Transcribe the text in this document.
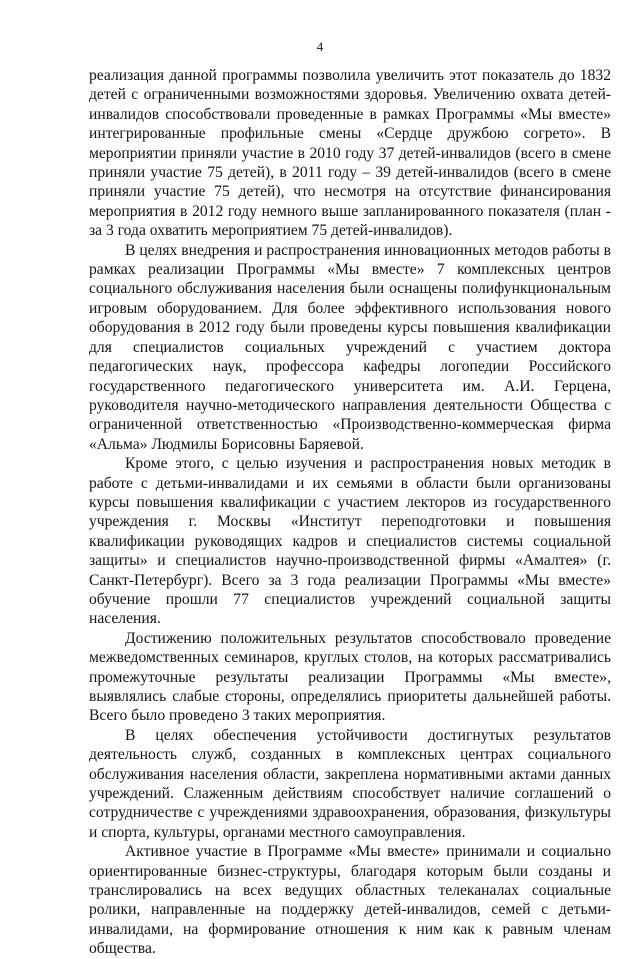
4

реализация данной программы позволила увеличить этот показатель до 1832 детей с ограниченными возможностями здоровья. Увеличению охвата детей-инвалидов способствовали проведенные в рамках Программы «Мы вместе» интегрированные профильные смены «Сердце дружбою согрето». В мероприятии приняли участие в 2010 году 37 детей-инвалидов (всего в смене приняли участие 75 детей), в 2011 году – 39 детей-инвалидов (всего в смене приняли участие 75 детей), что несмотря на отсутствие финансирования мероприятия в 2012 году немного выше запланированного показателя (план - за 3 года охватить мероприятием 75 детей-инвалидов).

В целях внедрения и распространения инновационных методов работы в рамках реализации Программы «Мы вместе» 7 комплексных центров социального обслуживания населения были оснащены полифункциональным игровым оборудованием. Для более эффективного использования нового оборудования в 2012 году были проведены курсы повышения квалификации для специалистов социальных учреждений с участием доктора педагогических наук, профессора кафедры логопедии Российского государственного педагогического университета им. А.И. Герцена, руководителя научно-методического направления деятельности Общества с ограниченной ответственностью «Производственно-коммерческая фирма «Альма» Людмилы Борисовны Баряевой.

Кроме этого, с целью изучения и распространения новых методик в работе с детьми-инвалидами и их семьями в области были организованы курсы повышения квалификации с участием лекторов из государственного учреждения г. Москвы «Институт переподготовки и повышения квалификации руководящих кадров и специалистов системы социальной защиты» и специалистов научно-производственной фирмы «Амалтея» (г. Санкт-Петербург). Всего за 3 года реализации Программы «Мы вместе» обучение прошли 77 специалистов учреждений социальной защиты населения.

Достижению положительных результатов способствовало проведение межведомственных семинаров, круглых столов, на которых рассматривались промежуточные результаты реализации Программы «Мы вместе», выявлялись слабые стороны, определялись приоритеты дальнейшей работы. Всего было проведено 3 таких мероприятия.

В целях обеспечения устойчивости достигнутых результатов деятельность служб, созданных в комплексных центрах социального обслуживания населения области, закреплена нормативными актами данных учреждений. Слаженным действиям способствует наличие соглашений о сотрудничестве с учреждениями здравоохранения, образования, физкультуры и спорта, культуры, органами местного самоуправления.

Активное участие в Программе «Мы вместе» принимали и социально ориентированные бизнес-структуры, благодаря которым были созданы и транслировались на всех ведущих областных телеканалах социальные ролики, направленные на поддержку детей-инвалидов, семей с детьми-инвалидами, на формирование отношения к ним как к равным членам общества.
